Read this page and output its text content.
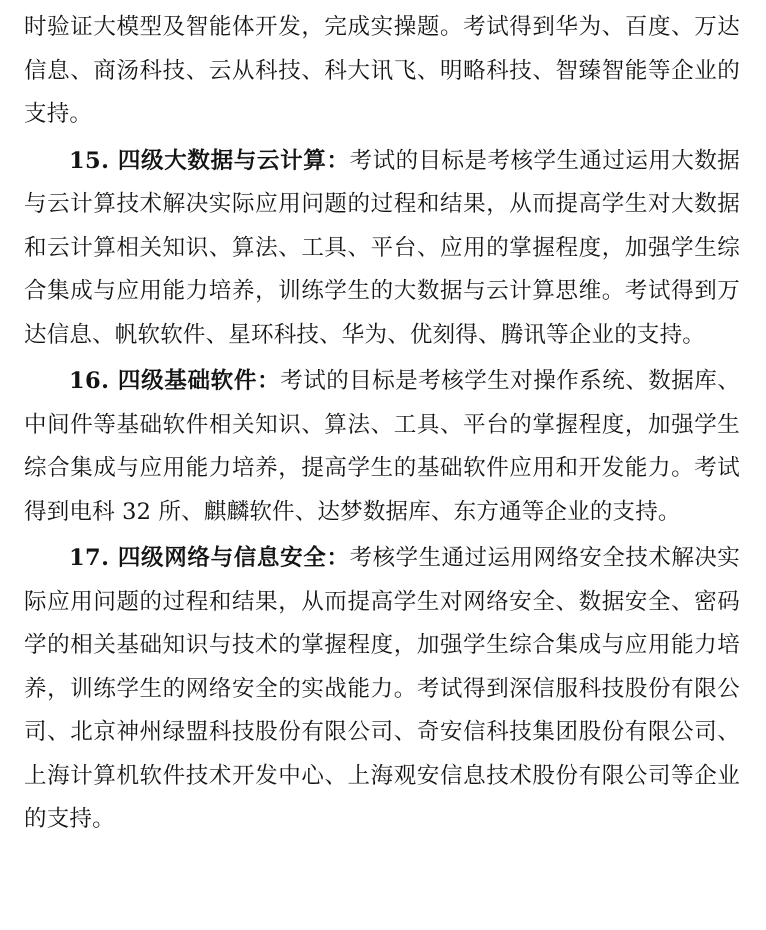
时验证大模型及智能体开发，完成实操题。考试得到华为、百度、万达信息、商汤科技、云从科技、科大讯飞、明略科技、智臻智能等企业的支持。

15. 四级大数据与云计算：考试的目标是考核学生通过运用大数据与云计算技术解决实际应用问题的过程和结果，从而提高学生对大数据和云计算相关知识、算法、工具、平台、应用的掌握程度，加强学生综合集成与应用能力培养，训练学生的大数据与云计算思维。考试得到万达信息、帆软软件、星环科技、华为、优刻得、腾讯等企业的支持。

16. 四级基础软件：考试的目标是考核学生对操作系统、数据库、中间件等基础软件相关知识、算法、工具、平台的掌握程度，加强学生综合集成与应用能力培养，提高学生的基础软件应用和开发能力。考试得到电科 32 所、麒麟软件、达梦数据库、东方通等企业的支持。

17. 四级网络与信息安全：考核学生通过运用网络安全技术解决实际应用问题的过程和结果，从而提高学生对网络安全、数据安全、密码学的相关基础知识与技术的掌握程度，加强学生综合集成与应用能力培养，训练学生的网络安全的实战能力。考试得到深信服科技股份有限公司、北京神州绿盟科技股份有限公司、奇安信科技集团股份有限公司、上海计算机软件技术开发中心、上海观安信息技术股份有限公司等企业的支持。
